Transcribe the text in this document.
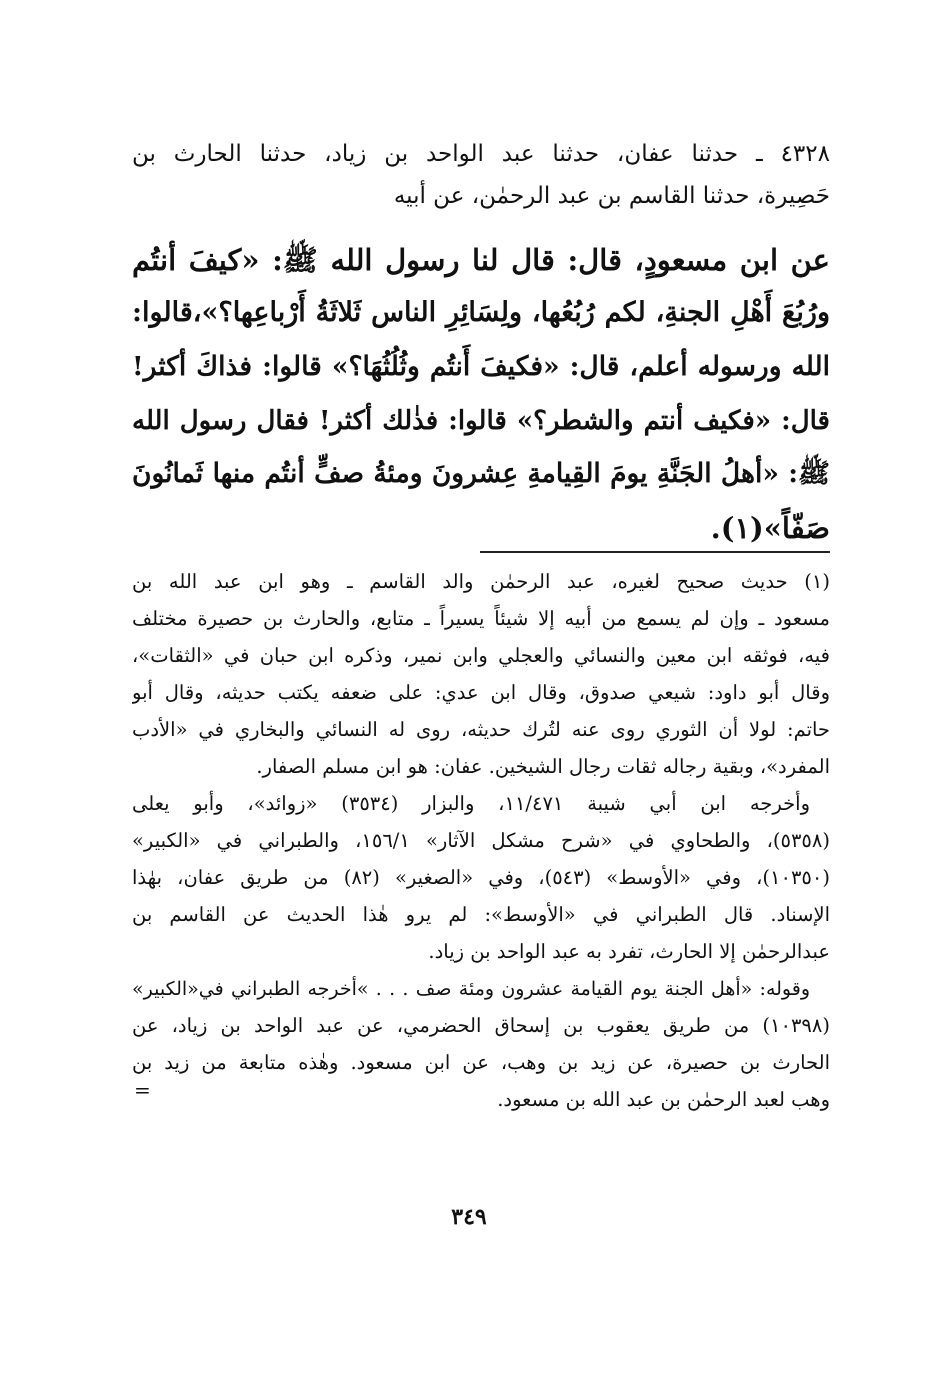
٤٣٢٨ ـ حدثنا عفان، حدثنا عبد الواحد بن زياد، حدثنا الحارث بن
حَصِيرة، حدثنا القاسم بن عبد الرحمٰن، عن أبيه
عن ابن مسعودٍ، قال: قال لنا رسول الله ﷺ: «كيفَ أنتُم
ورُبُعَ أَهْلِ الجنةِ، لكم رُبُعُها، ولِسَائِرِ الناس ثَلاثَةُ أَرْباعِها؟»،قالوا:
الله ورسوله أعلم، قال: «فكيفَ أَنتُم وثُلُثُهَا؟» قالوا: فذاكَ أكثر!
قال: «فكيف أنتم والشطر؟» قالوا: فذٰلك أكثر! فقال رسول الله
ﷺ: «أهلُ الجَنَّةِ يومَ القِيامةِ عِشرونَ ومئةُ صفٍّ أنتُم منها ثَمانُونَ
صَفّاً»(١).
(١) حديث صحيح لغيره، عبد الرحمٰن والد القاسم ـ وهو ابن عبد الله بن
مسعود ـ وإن لم يسمع من أبيه إلا شيئاً يسيراً ـ متابع، والحارث بن حصيرة مختلف
فيه، فوثقه ابن معين والنسائي والعجلي وابن نمير، وذكره ابن حبان في «الثقات»،
وقال أبو داود: شيعي صدوق، وقال ابن عدي: على ضعفه يكتب حديثه، وقال أبو
حاتم: لولا أن الثوري روى عنه لتُرك حديثه، روى له النسائي والبخاري في «الأدب
المفرد»، وبقية رجاله ثقات رجال الشيخين. عفان: هو ابن مسلم الصفار.
وأخرجه ابن أبي شيبة ١١/٤٧١، والبزار (٣٥٣٤) «زوائد»، وأبو يعلى
(٥٣٥٨)، والطحاوي في «شرح مشكل الآثار» ١٥٦/١، والطبراني في «الكبير»
(١٠٣٥٠)، وفي «الأوسط» (٥٤٣)، وفي «الصغير» (٨٢) من طريق عفان، بهٰذا
الإسناد. قال الطبراني في «الأوسط»: لم يرو هٰذا الحديث عن القاسم بن
عبدالرحمٰن إلا الحارث، تفرد به عبد الواحد بن زياد.
وقوله: «أهل الجنة يوم القيامة عشرون ومئة صف . . . »أخرجه الطبراني في«الكبير»
(١٠٣٩٨) من طريق يعقوب بن إسحاق الحضرمي، عن عبد الواحد بن زياد، عن
الحارث بن حصيرة، عن زيد بن وهب، عن ابن مسعود. وهٰذه متابعة من زيد بن
وهب لعبد الرحمٰن بن عبد الله بن مسعود.
=
٣٤٩
